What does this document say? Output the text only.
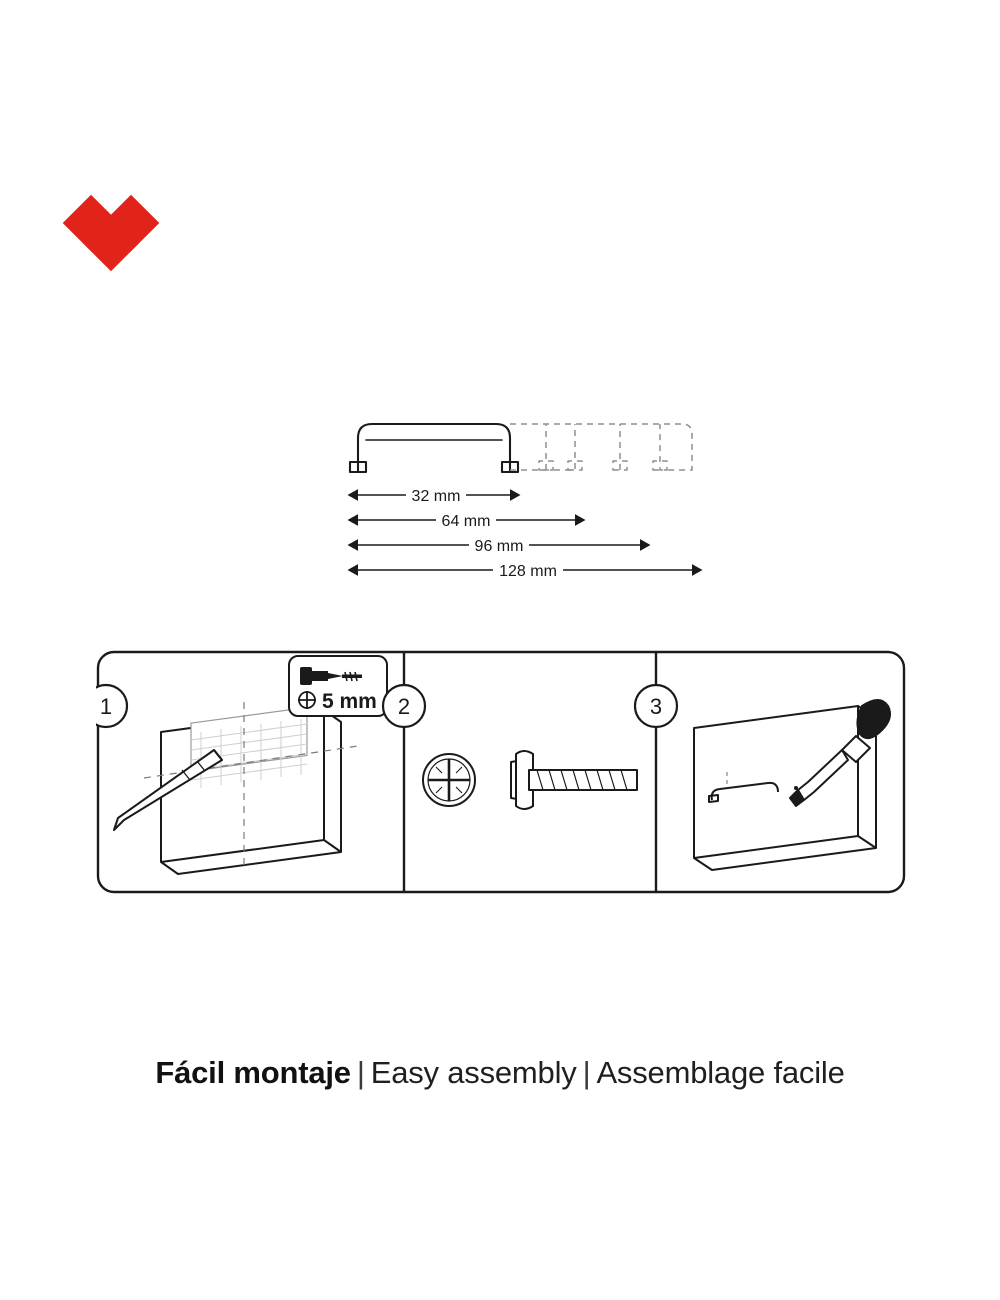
32 mm
64 mm
96 mm
128 mm
1	5 mm 2	3
Fácil montaje | Easy assembly | Assemblage facile
